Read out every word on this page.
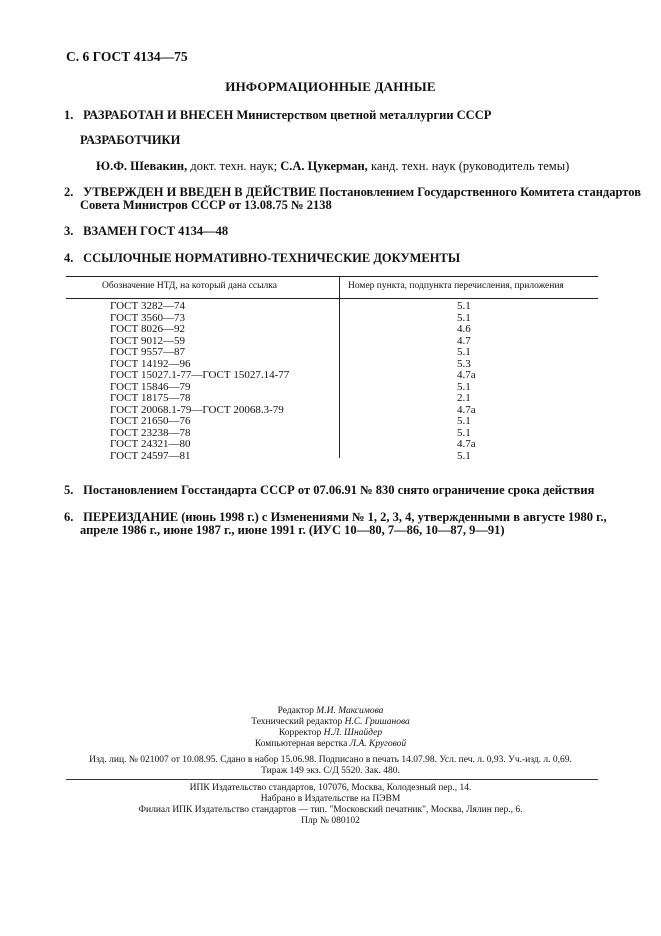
С. 6 ГОСТ 4134—75
ИНФОРМАЦИОННЫЕ ДАННЫЕ
1. РАЗРАБОТАН И ВНЕСЕН Министерством цветной металлургии СССР
РАЗРАБОТЧИКИ
Ю.Ф. Шевакин, докт. техн. наук; С.А. Цукерман, канд. техн. наук (руководитель темы)
2. УТВЕРЖДЕН И ВВЕДЕН В ДЕЙСТВИЕ Постановлением Государственного Комитета стандартов
Совета Министров СССР от 13.08.75 № 2138
3. ВЗАМЕН ГОСТ 4134—48
4. ССЫЛОЧНЫЕ НОРМАТИВНО-ТЕХНИЧЕСКИЕ ДОКУМЕНТЫ
Обозначение НТД, на который дана ссылка	Номер пункта, подпункта перечисления, приложения
ГОСТ 3282—74	5.1
ГОСТ 3560—73	5.1
ГОСТ 8026—92	4.6
ГОСТ 9012—59	4.7
ГОСТ 9557—87	5.1
ГОСТ 14192—96	5.3
ГОСТ 15027.1-77—ГОСТ 15027.14-77	4.7а
ГОСТ 15846—79	5.1
ГОСТ 18175—78	2.1
ГОСТ 20068.1-79—ГОСТ 20068.3-79	4.7а
ГОСТ 21650—76	5.1
ГОСТ 23238—78	5.1
ГОСТ 24321—80	4.7а
ГОСТ 24597—81	5.1
5. Постановлением Госстандарта СССР от 07.06.91 № 830 снято ограничение срока действия
6. ПЕРЕИЗДАНИЕ (июнь 1998 г.) с Изменениями № 1, 2, 3, 4, утвержденными в августе 1980 г.,
апреле 1986 г., июне 1987 г., июне 1991 г. (ИУС 10—80, 7—86, 10—87, 9—91)
Редактор М.И. Максимова
Технический редактор Н.С. Гришанова
Корректор Н.Л. Шнайдер
Компьютерная верстка Л.А. Круговой
Изд. лиц. № 021007 от 10.08.95. Сдано в набор 15.06.98. Подписано в печать 14.07.98. Усл. печ. л. 0,93. Уч.-изд. л. 0,69.
Тираж 149 экз. С/Д 5520. Зак. 480.
ИПК Издательство стандартов, 107076, Москва, Колодезный пер., 14.
Набрано в Издательстве на ПЭВМ
Филиал ИПК Издательство стандартов — тип. "Московский печатник", Москва, Лялин пер., 6.
Плр № 080102
